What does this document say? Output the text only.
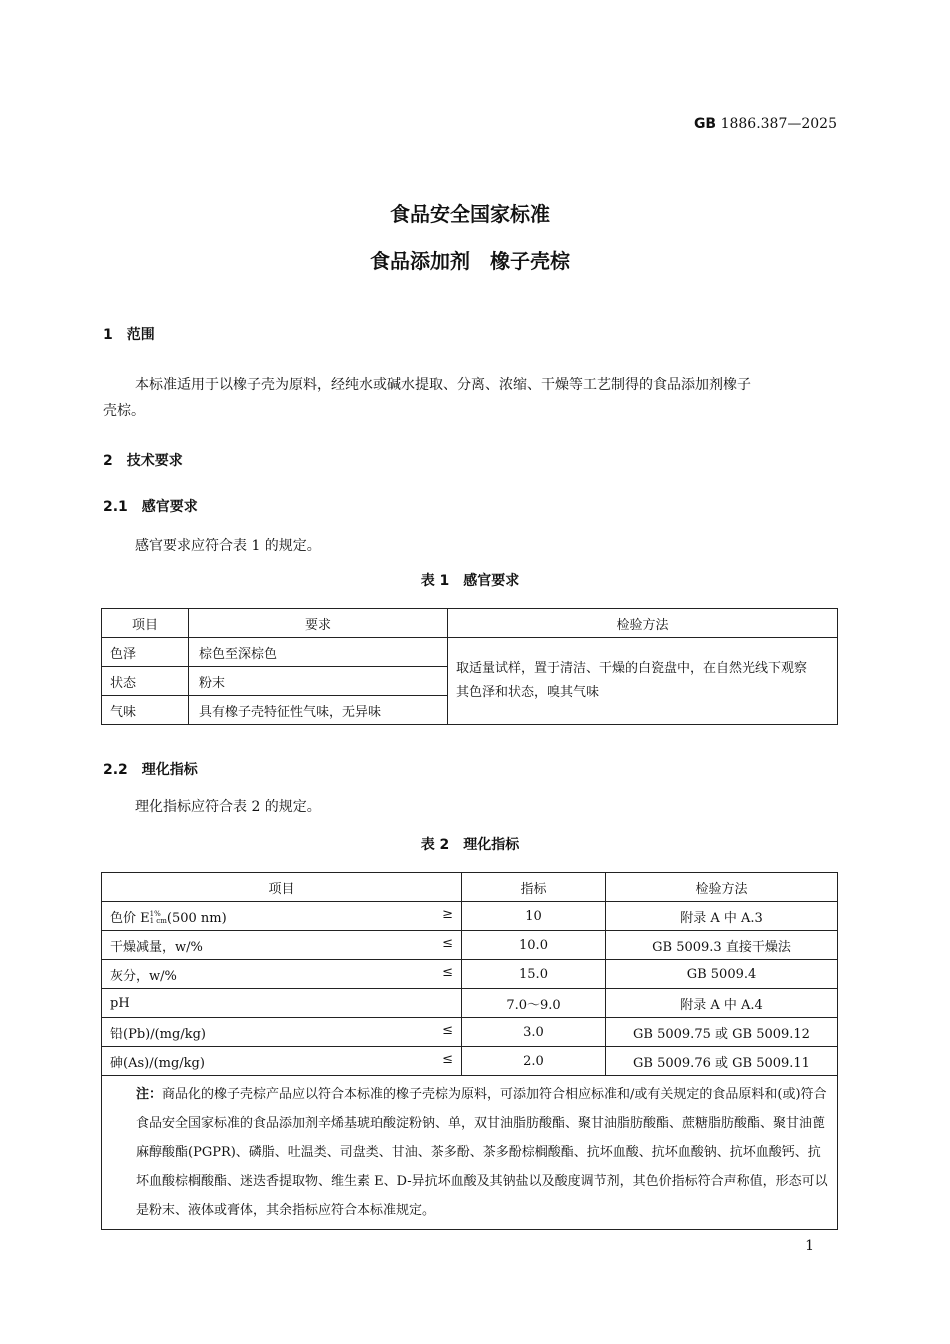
GB 1886.387—2025
食品安全国家标准
食品添加剂　橡子壳棕
1　范围
本标准适用于以橡子壳为原料，经纯水或碱水提取、分离、浓缩、干燥等工艺制得的食品添加剂橡子
壳棕。
2　技术要求
2.1　感官要求
感官要求应符合表 1 的规定。
表 1　感官要求
项目	要求	检验方法
色泽	棕色至深棕色	取适量试样，置于清洁、干燥的白瓷盘中，在自然光线下观察
其色泽和状态，嗅其气味
状态	粉末	
气味	具有橡子壳特征性气味，无异味	
2.2　理化指标
理化指标应符合表 2 的规定。
表 2　理化指标
项目	指标	检验方法
色价 E 1%
1 cm (500 nm) ≥	10	附录 A 中 A.3
干燥减量，w/% ≤	10.0	GB 5009.3 直接干燥法
灰分，w/% ≤	15.0	GB 5009.4
pH	7.0～9.0	附录 A 中 A.4
铅(Pb)/(mg/kg) ≤	3.0	GB 5009.75 或 GB 5009.12
砷(As)/(mg/kg) ≤	2.0	GB 5009.76 或 GB 5009.11
注：商品化的橡子壳棕产品应以符合本标准的橡子壳棕为原料，可添加符合相应标准和/或有关规定的食品原料和(或)符合食品安全国家标准的食品添加剂辛烯基琥珀酸淀粉钠、单，双甘油脂肪酸酯、聚甘油脂肪酸酯、蔗糖脂肪酸酯、聚甘油蓖麻醇酸酯(PGPR)、磷脂、吐温类、司盘类、甘油、茶多酚、茶多酚棕榈酸酯、抗坏血酸、抗坏血酸钠、抗坏血酸钙、抗坏血酸棕榈酸酯、迷迭香提取物、维生素 E、D-异抗坏血酸及其钠盐以及酸度调节剂，其色价指标符合声称值，形态可以是粉末、液体或膏体，其余指标应符合本标准规定。		
1
